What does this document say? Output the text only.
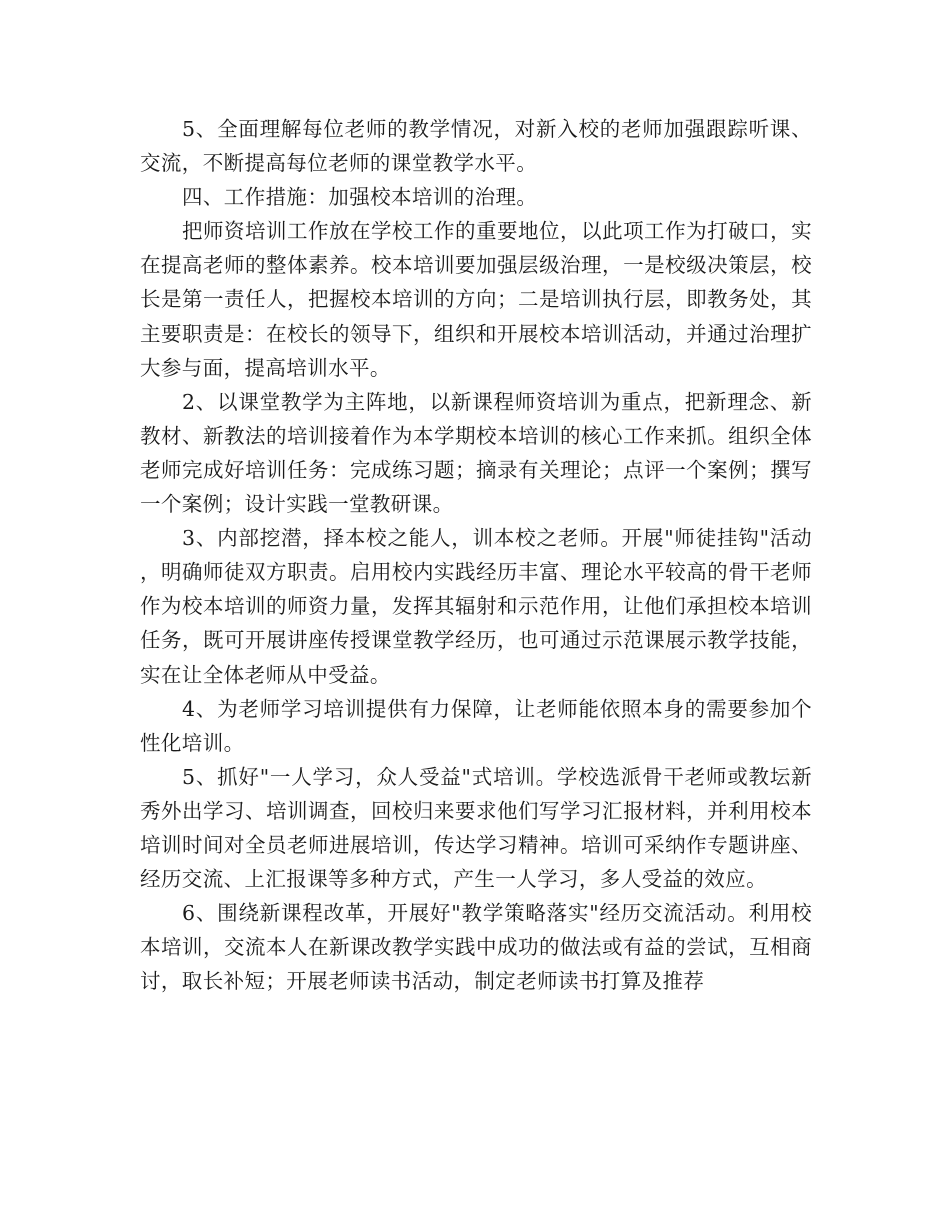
5、全面理解每位老师的教学情况，对新入校的老师加强跟踪听课、交流，不断提高每位老师的课堂教学水平。

四、工作措施：加强校本培训的治理。

把师资培训工作放在学校工作的重要地位，以此项工作为打破口，实在提高老师的整体素养。校本培训要加强层级治理，一是校级决策层，校长是第一责任人，把握校本培训的方向；二是培训执行层，即教务处，其主要职责是：在校长的领导下，组织和开展校本培训活动，并通过治理扩大参与面，提高培训水平。

2、以课堂教学为主阵地，以新课程师资培训为重点，把新理念、新教材、新教法的培训接着作为本学期校本培训的核心工作来抓。组织全体老师完成好培训任务：完成练习题；摘录有关理论；点评一个案例；撰写一个案例；设计实践一堂教研课。

3、内部挖潜，择本校之能人，训本校之老师。开展"师徒挂钩"活动，明确师徒双方职责。启用校内实践经历丰富、理论水平较高的骨干老师作为校本培训的师资力量，发挥其辐射和示范作用，让他们承担校本培训任务，既可开展讲座传授课堂教学经历，也可通过示范课展示教学技能，实在让全体老师从中受益。

4、为老师学习培训提供有力保障，让老师能依照本身的需要参加个性化培训。

5、抓好"一人学习，众人受益"式培训。学校选派骨干老师或教坛新秀外出学习、培训调查，回校归来要求他们写学习汇报材料，并利用校本培训时间对全员老师进展培训，传达学习精神。培训可采纳作专题讲座、经历交流、上汇报课等多种方式，产生一人学习，多人受益的效应。

6、围绕新课程改革，开展好"教学策略落实"经历交流活动。利用校本培训，交流本人在新课改教学实践中成功的做法或有益的尝试，互相商讨，取长补短；开展老师读书活动，制定老师读书打算及推荐
